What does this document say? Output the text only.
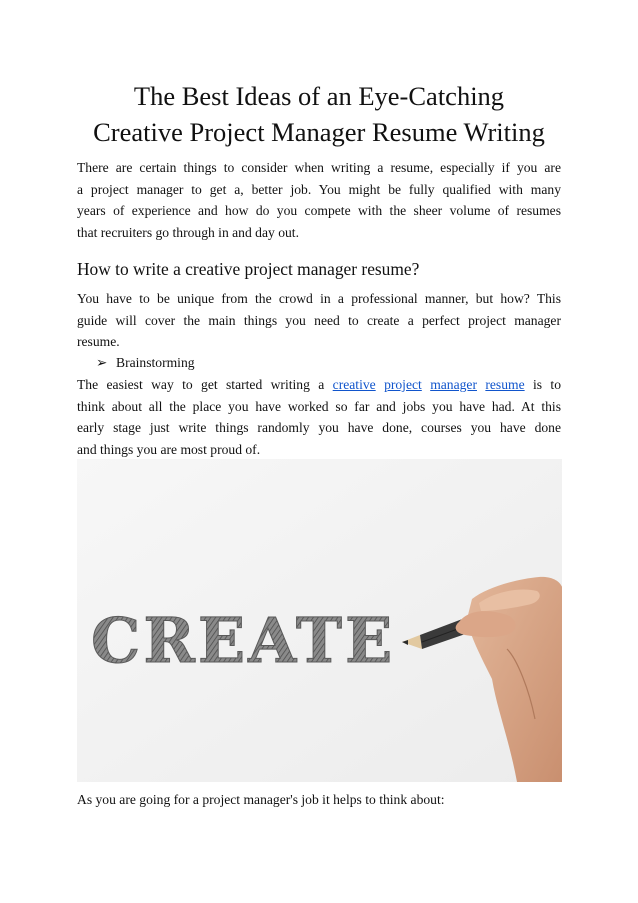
The Best Ideas of an Eye-Catching
Creative Project Manager Resume Writing
There are certain things to consider when writing a resume, especially if you are
a project manager to get a, better job. You might be fully qualified with many
years of experience and how do you compete with the sheer volume of resumes
that recruiters go through in and day out.
How to write a creative project manager resume?
You have to be unique from the crowd in a professional manner, but how? This
guide will cover the main things you need to create a perfect project manager
resume.
➢ Brainstorming
The easiest way to get started writing a creative project manager resume is to
think about all the place you have worked so far and jobs you have had. At this
early stage just write things randomly you have done, courses you have done
and things you are most proud of.
CREATE
As you are going for a project manager's job it helps to think about:
